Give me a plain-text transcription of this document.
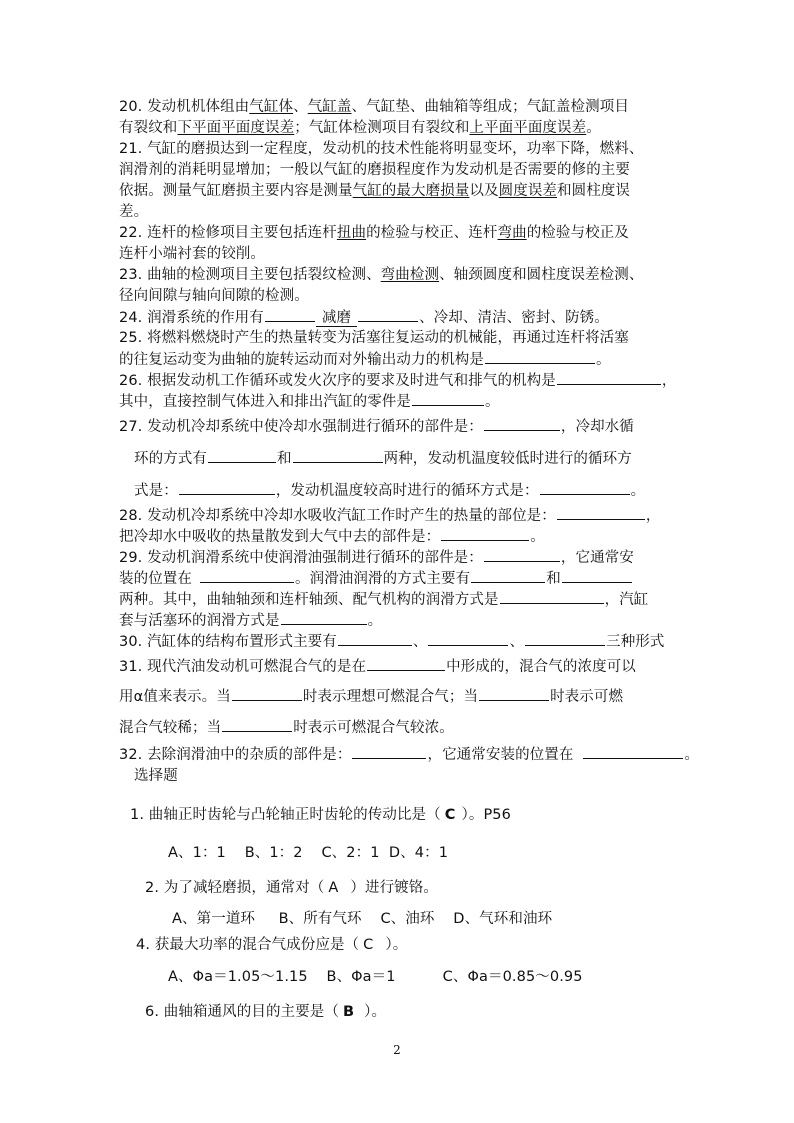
20. 发动机机体组由气缸体、气缸盖、气缸垫、曲轴箱等组成；气缸盖检测项目
有裂纹和下平面平面度误差；气缸体检测项目有裂纹和上平面平面度误差。
21. 气缸的磨损达到一定程度，发动机的技术性能将明显变坏，功率下降，燃料、
润滑剂的消耗明显增加；一般以气缸的磨损程度作为发动机是否需要的修的主要
依据。测量气缸磨损主要内容是测量气缸的最大磨损量以及圆度误差和圆柱度误
差。
22. 连杆的检修项目主要包括连杆扭曲的检验与校正、连杆弯曲的检验与校正及
连杆小端衬套的铰削。
23. 曲轴的检测项目主要包括裂纹检测、弯曲检测、轴颈圆度和圆柱度误差检测、
径向间隙与轴向间隙的检测。
24. 润滑系统的作用有	减磨	、冷却、清洁、密封、防锈。
25. 将燃料燃烧时产生的热量转变为活塞往复运动的机械能，再通过连杆将活塞
的往复运动变为曲轴的旋转运动而对外输出动力的机构是	。
26. 根据发动机工作循环或发火次序的要求及时进气和排气的机构是	，
其中，直接控制气体进入和排出汽缸的零件是	。
27. 发动机冷却系统中使冷却水强制进行循环的部件是：	，冷却水循
环的方式有	和	两种，发动机温度较低时进行的循环方
式是：	，发动机温度较高时进行的循环方式是：	。
28. 发动机冷却系统中冷却水吸收汽缸工作时产生的热量的部位是：	，
把冷却水中吸收的热量散发到大气中去的部件是：	。
29. 发动机润滑系统中使润滑油强制进行循环的部件是：	，它通常安
装的位置在	。润滑油润滑的方式主要有	和
两种。其中，曲轴轴颈和连杆轴颈、配气机构的润滑方式是	，汽缸
套与活塞环的润滑方式是	。
30. 汽缸体的结构布置形式主要有	、	、	三种形式
31. 现代汽油发动机可燃混合气的是在	中形成的，混合气的浓度可以
用α值来表示。当	时表示理想可燃混合气；当	时表示可燃
混合气较稀；当	时表示可燃混合气较浓。
32. 去除润滑油中的杂质的部件是：	，它通常安装的位置在	。
选择题
1. 曲轴正时齿轮与凸轮轴正时齿轮的传动比是（ C ）。P56
A、1：1    B、1：2    C、2：1  D、4：1
2. 为了减轻磨损，通常对（ A ）进行镀铬。
A、第一道环     B、所有气环    C、油环    D、气环和油环
4. 获最大功率的混合气成份应是（ C ）。
A、Φa＝1.05～1.15    B、Φa＝1          C、Φa＝0.85～0.95
6. 曲轴箱通风的目的主要是（ B ）。
2
